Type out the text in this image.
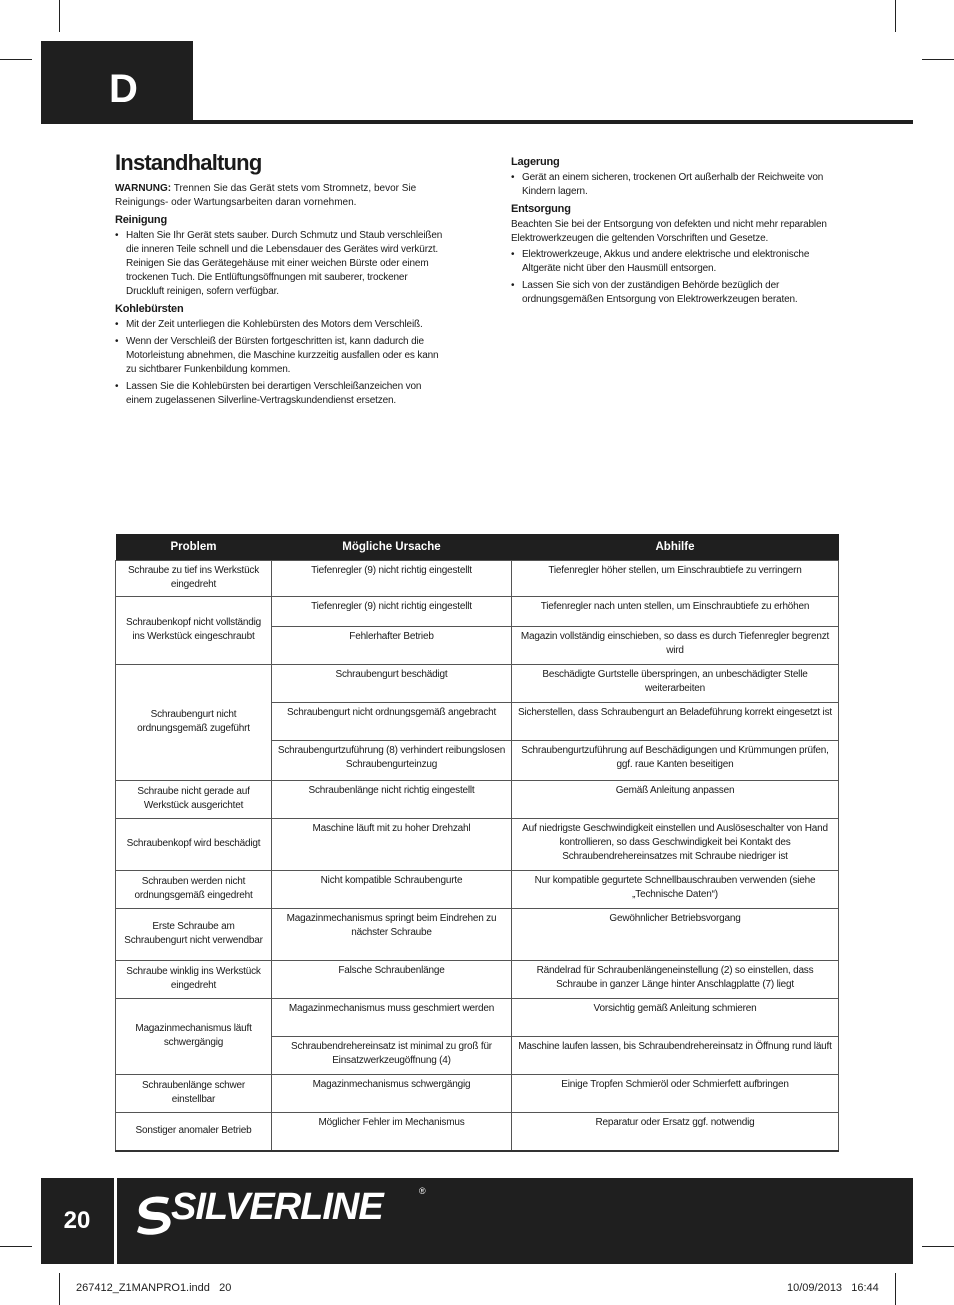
D
Instandhaltung

WARNUNG: Trennen Sie das Gerät stets vom Stromnetz, bevor Sie Reinigungs- oder Wartungsarbeiten daran vornehmen.

Reinigung
• Halten Sie Ihr Gerät stets sauber. Durch Schmutz und Staub verschleißen die inneren Teile schnell und die Lebensdauer des Gerätes wird verkürzt. Reinigen Sie das Gerätegehäuse mit einer weichen Bürste oder einem trockenen Tuch. Die Entlüftungsöffnungen mit sauberer, trockener Druckluft reinigen, sofern verfügbar.
Kohlebürsten
• Mit der Zeit unterliegen die Kohlebürsten des Motors dem Verschleiß.
• Wenn der Verschleiß der Bürsten fortgeschritten ist, kann dadurch die Motorleistung abnehmen, die Maschine kurzzeitig ausfallen oder es kann zu sichtbarer Funkenbildung kommen.
• Lassen Sie die Kohlebürsten bei derartigen Verschleißanzeichen von einem zugelassenen Silverline-Vertragskundendienst ersetzen.
Lagerung
• Gerät an einem sicheren, trockenen Ort außerhalb der Reichweite von Kindern lagern.
Entsorgung

Beachten Sie bei der Entsorgung von defekten und nicht mehr reparablen Elektrowerkzeugen die geltenden Vorschriften und Gesetze.

• Elektrowerkzeuge, Akkus und andere elektrische und elektronische Altgeräte nicht über den Hausmüll entsorgen.
• Lassen Sie sich von der zuständigen Behörde bezüglich der ordnungsgemäßen Entsorgung von Elektrowerkzeugen beraten.
Problem	Mögliche Ursache	Abhilfe
Schraube zu tief ins Werkstück eingedreht	Tiefenregler (9) nicht richtig eingestellt	Tiefenregler höher stellen, um Einschraubtiefe zu verringern
Schraubenkopf nicht vollständig ins Werkstück eingeschraubt	Tiefenregler (9) nicht richtig eingestellt	Tiefenregler nach unten stellen, um Einschraubtiefe zu erhöhen
	Fehlerhafter Betrieb	Magazin vollständig einschieben, so dass es durch Tiefenregler begrenzt wird
Schraubengurt nicht ordnungsgemäß zugeführt	Schraubengurt beschädigt	Beschädigte Gurtstelle überspringen, an unbeschädigter Stelle weiterarbeiten
	Schraubengurt nicht ordnungsgemäß angebracht	Sicherstellen, dass Schraubengurt an Beladeführung korrekt eingesetzt ist
	Schraubengurtzuführung (8) verhindert reibungslosen Schraubengurteinzug	Schraubengurtzuführung auf Beschädigungen und Krümmungen prüfen, ggf. raue Kanten beseitigen
Schraube nicht gerade auf Werkstück ausgerichtet	Schraubenlänge nicht richtig eingestellt	Gemäß Anleitung anpassen
Schraubenkopf wird beschädigt	Maschine läuft mit zu hoher Drehzahl	Auf niedrigste Geschwindigkeit einstellen und Auslöseschalter von Hand kontrollieren, so dass Geschwindigkeit bei Kontakt des Schraubendrehereinsatzes mit Schraube niedriger ist
Schrauben werden nicht ordnungsgemäß eingedreht	Nicht kompatible Schraubengurte	Nur kompatible gegurtete Schnellbauschrauben verwenden (siehe „Technische Daten“)
Erste Schraube am Schraubengurt nicht verwendbar	Magazinmechanismus springt beim Eindrehen zu nächster Schraube	Gewöhnlicher Betriebsvorgang
Schraube winklig ins Werkstück eingedreht	Falsche Schraubenlänge	Rändelrad für Schraubenlängeneinstellung (2) so einstellen, dass Schraube in ganzer Länge hinter Anschlagplatte (7) liegt
Magazinmechanismus läuft schwergängig	Magazinmechanismus muss geschmiert werden	Vorsichtig gemäß Anleitung schmieren
	Schraubendrehereinsatz ist minimal zu groß für Einsatzwerkzeugöffnung (4)	Maschine laufen lassen, bis Schraubendrehereinsatz in Öffnung rund läuft
Schraubenlänge schwer einstellbar	Magazinmechanismus schwergängig	Einige Tropfen Schmieröl oder Schmierfett aufbringen
Sonstiger anomaler Betrieb	Möglicher Fehler im Mechanismus	Reparatur oder Ersatz ggf. notwendig
20	SILVERLINE	®
267412_Z1MANPRO1.indd   20	10/09/2013   16:44
